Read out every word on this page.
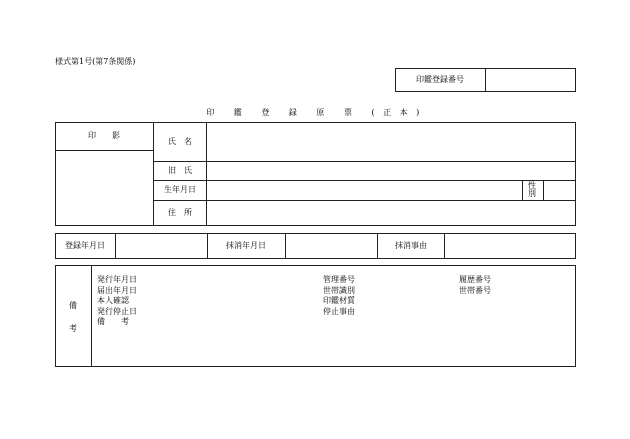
様式第1号(第7条関係)
印鑑登録番号
印 鑑 登 録 原 票 (正本)
印　　影
氏　名
旧　氏
生年月日	性
別
住　所
登録年月日	抹消年月日	抹消事由
備
考
発行年月日
届出年月日
本人確認
発行停止日
備　　考
管理番号
世帯識別
印鑑材質
停止事由
履歴番号
世帯番号
